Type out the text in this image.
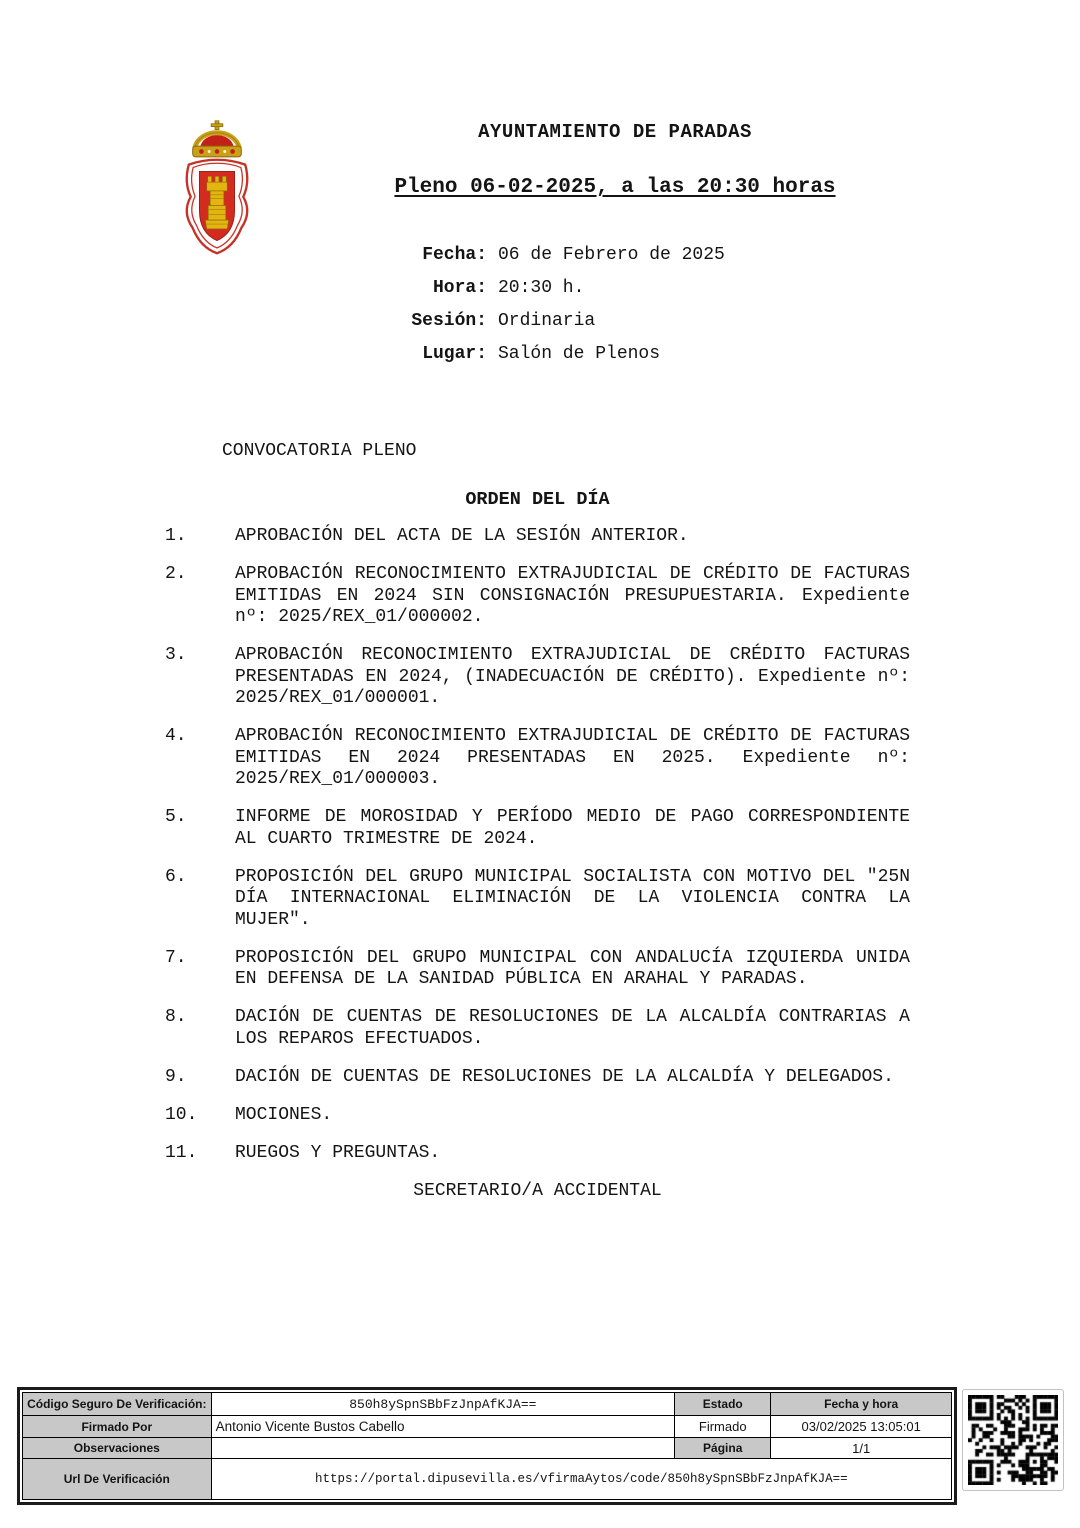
AYUNTAMIENTO DE PARADAS
Pleno 06-02-2025, a las 20:30 horas
Fecha: 06 de Febrero de 2025
Hora: 20:30 h.
Sesión: Ordinaria
Lugar: Salón de Plenos
CONVOCATORIA PLENO
ORDEN DEL DÍA
1.	APROBACIÓN DEL ACTA DE LA SESIÓN ANTERIOR.
2.	APROBACIÓN RECONOCIMIENTO EXTRAJUDICIAL DE CRÉDITO DE FACTURAS EMITIDAS EN 2024 SIN CONSIGNACIÓN PRESUPUESTARIA. Expediente nº: 2025/REX_01/000002.
3.	APROBACIÓN RECONOCIMIENTO EXTRAJUDICIAL DE CRÉDITO FACTURAS PRESENTADAS EN 2024, (INADECUACIÓN DE CRÉDITO). Expediente nº: 2025/REX_01/000001.
4.	APROBACIÓN RECONOCIMIENTO EXTRAJUDICIAL DE CRÉDITO DE FACTURAS EMITIDAS EN 2024 PRESENTADAS EN 2025. Expediente nº: 2025/REX_01/000003.
5.	INFORME DE MOROSIDAD Y PERÍODO MEDIO DE PAGO CORRESPONDIENTE AL CUARTO TRIMESTRE DE 2024.
6.	PROPOSICIÓN DEL GRUPO MUNICIPAL SOCIALISTA CON MOTIVO DEL "25N DÍA INTERNACIONAL ELIMINACIÓN DE LA VIOLENCIA CONTRA LA MUJER".
7.	PROPOSICIÓN DEL GRUPO MUNICIPAL CON ANDALUCÍA IZQUIERDA UNIDA EN DEFENSA DE LA SANIDAD PÚBLICA EN ARAHAL Y PARADAS.
8.	DACIÓN DE CUENTAS DE RESOLUCIONES DE LA ALCALDÍA CONTRARIAS A LOS REPAROS EFECTUADOS.
9.	DACIÓN DE CUENTAS DE RESOLUCIONES DE LA ALCALDÍA Y DELEGADOS.
10.	MOCIONES.
11.	RUEGOS Y PREGUNTAS.
SECRETARIO/A ACCIDENTAL
Código Seguro De Verificación:	850h8ySpnSBbFzJnpAfKJA==	Estado	Fecha y hora
Firmado Por	Antonio Vicente Bustos Cabello	Firmado	03/02/2025 13:05:01
Observaciones		Página	1/1
Url De Verificación	https://portal.dipusevilla.es/vfirmaAytos/code/850h8ySpnSBbFzJnpAfKJA==		
